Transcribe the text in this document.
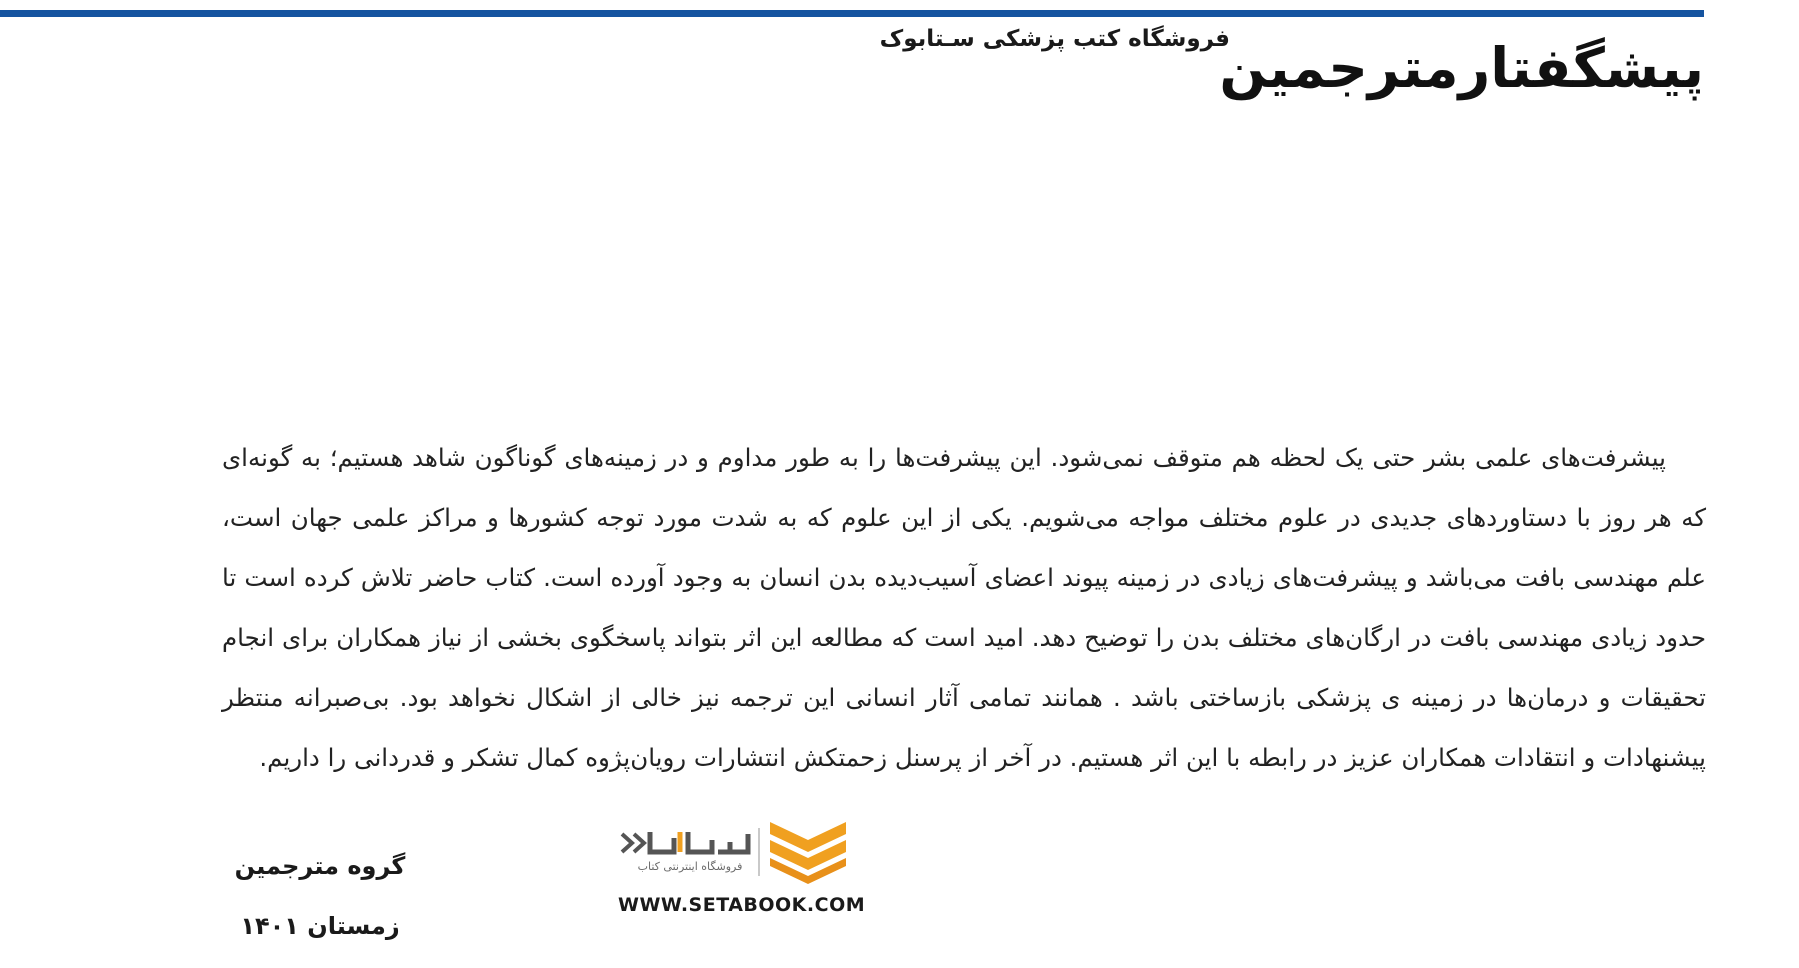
فروشگاه کتب پزشکی سـتابوک
پیشگفتارمترجمین

پیشرفت‌های علمی بشر حتی یک لحظه هم متوقف نمی‌شود. این پیشرفت‌ها را به طور مداوم و در زمینه‌های گوناگون شاهد هستیم؛ به گونه‌ای که هر روز با دستاوردهای جدیدی در علوم مختلف مواجه می‌شویم. یکی از این علوم که به شدت مورد توجه کشورها و مراکز علمی جهان است، علم مهندسی بافت می‌باشد و پیشرفت‌های زیادی در زمینه پیوند اعضای آسیب‌دیده بدن انسان به وجود آورده است. کتاب حاضر تلاش کرده است تا حدود زیادی مهندسی بافت در ارگان‌های مختلف بدن را توضیح دهد. امید است که مطالعه این اثر بتواند پاسخگوی بخشی از نیاز همکاران برای انجام تحقیقات و درمان‌ها در زمینه ی پزشکی بازساختی باشد . همانند تمامی آثار انسانی این ترجمه نیز خالی از اشکال نخواهد بود. بی‌صبرانه منتظر پیشنهادات و انتقادات همکاران عزیز در رابطه با این اثر هستیم. در آخر از پرسنل زحمتکش انتشارات رویان‌پژوه کمال تشکر و قدردانی را داریم.

گروه مترجمین
زمستان ۱۴۰۱
فروشگاه اینترنتی کتاب
WWW.SETABOOK.COM
